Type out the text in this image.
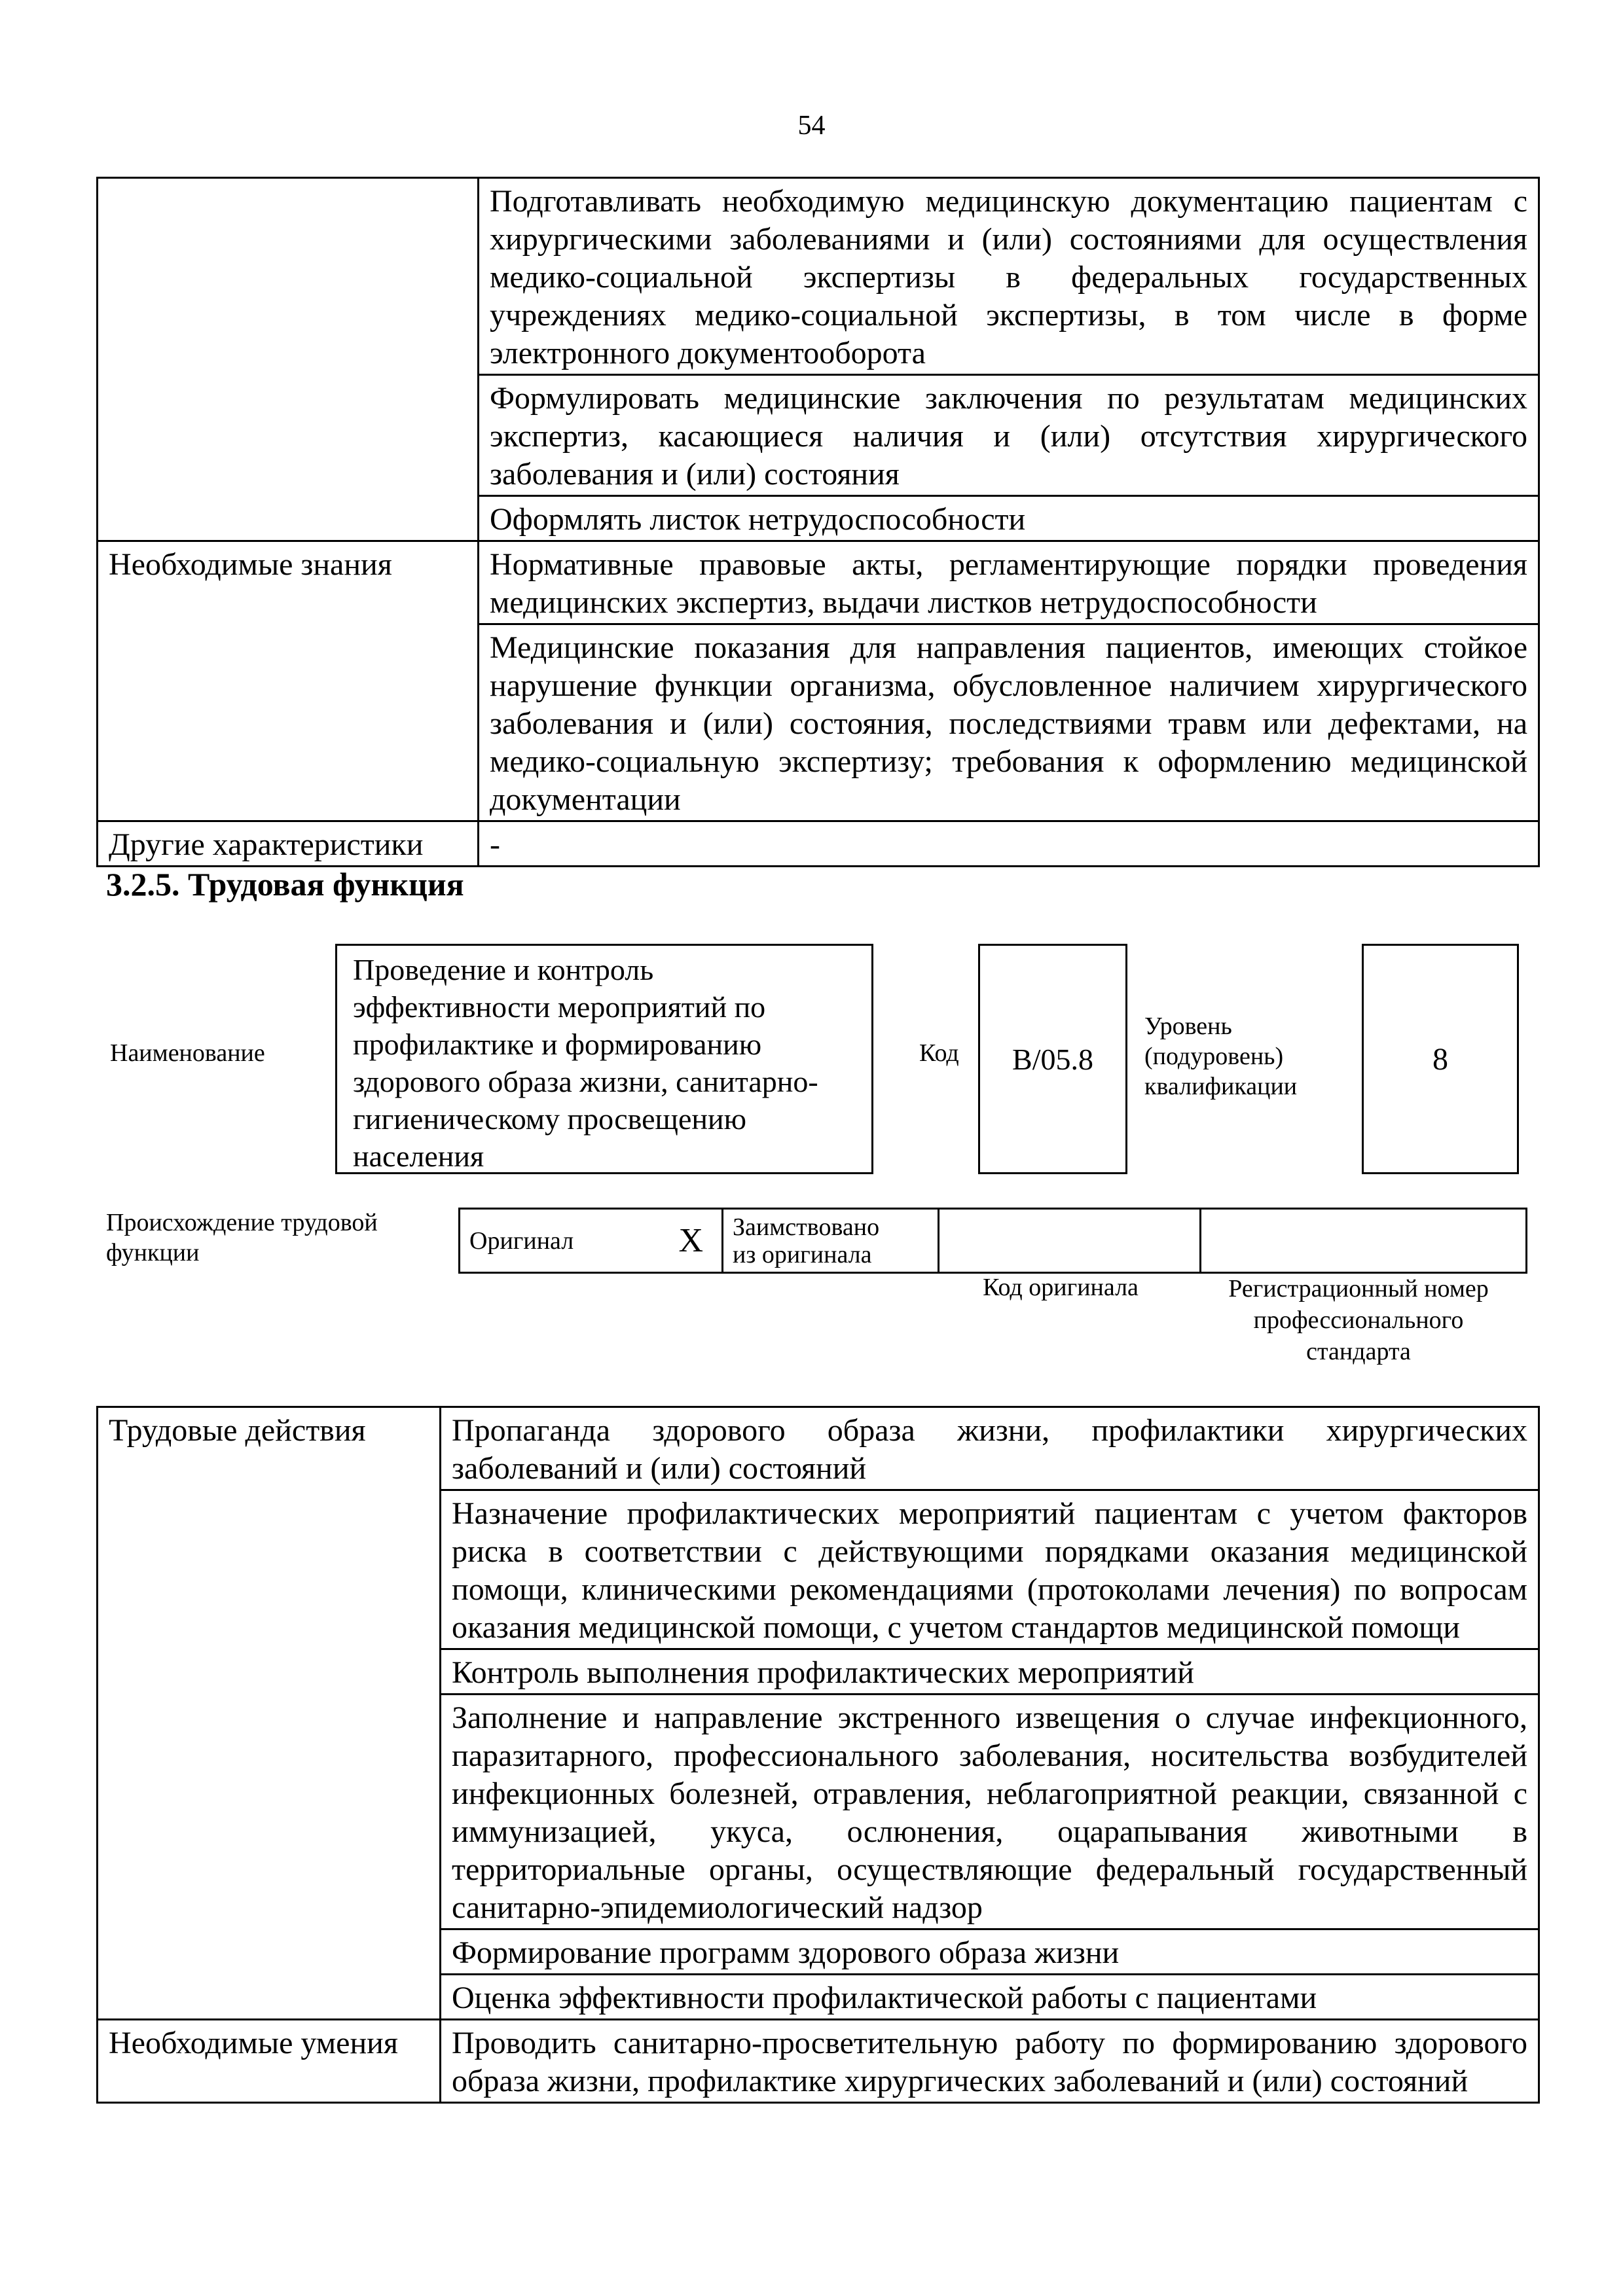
54
	Подготавливать необходимую медицинскую документацию пациентам с хирургическими заболеваниями и (или) состояниями для осуществления медико-социальной экспертизы в федеральных государственных учреждениях медико-социальной экспертизы, в том числе в форме электронного документооборота
	Формулировать медицинские заключения по результатам медицинских экспертиз, касающиеся наличия и (или) отсутствия хирургического заболевания и (или) состояния
	Оформлять листок нетрудоспособности
Необходимые знания	Нормативные правовые акты, регламентирующие порядки проведения медицинских экспертиз, выдачи листков нетрудоспособности
	Медицинские показания для направления пациентов, имеющих стойкое нарушение функции организма, обусловленное наличием хирургического заболевания и (или) состояния, последствиями травм или дефектами, на медико-социальную экспертизу; требования к оформлению медицинской документации
Другие характеристики	-
3.2.5. Трудовая функция
Наименование
Проведение и контроль эффективности мероприятий по профилактике и формированию здорового образа жизни, санитарно-гигиеническому просвещению населения
Код	В/05.8
Уровень
(подуровень)
квалификации
8
Происхождение трудовой
функции	Оригинал	X	Заимствовано
из оригинала

Код оригинала	Регистрационный номер
профессионального
стандарта
Трудовые действия	Пропаганда здорового образа жизни, профилактики хирургических заболеваний и (или) состояний
	Назначение профилактических мероприятий пациентам с учетом факторов риска в соответствии с действующими порядками оказания медицинской помощи, клиническими рекомендациями (протоколами лечения) по вопросам оказания медицинской помощи, с учетом стандартов медицинской помощи
	Контроль выполнения профилактических мероприятий
	Заполнение и направление экстренного извещения о случае инфекционного, паразитарного, профессионального заболевания, носительства возбудителей инфекционных болезней, отравления, неблагоприятной реакции, связанной с иммунизацией, укуса, ослюнения, оцарапывания животными в территориальные органы, осуществляющие федеральный государственный санитарно-эпидемиологический надзор
	Формирование программ здорового образа жизни
	Оценка эффективности профилактической работы с пациентами
Необходимые умения	Проводить санитарно-просветительную работу по формированию здорового образа жизни, профилактике хирургических заболеваний и (или) состояний
